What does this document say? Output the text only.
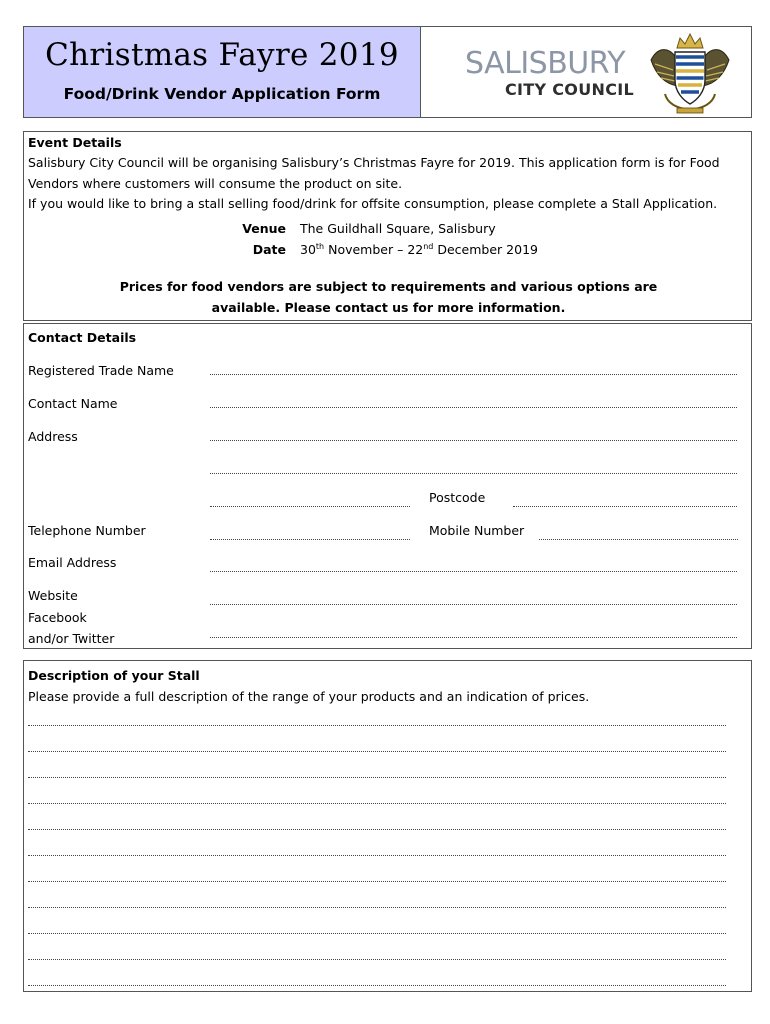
Christmas Fayre 2019
Food/Drink Vendor Application Form
SALISBURY
CITY COUNCIL
Event Details
Salisbury City Council will be organising Salisbury’s Christmas Fayre for 2019. This application form is for Food
Vendors where customers will consume the product on site.
If you would like to bring a stall selling food/drink for offsite consumption, please complete a Stall Application.
Venue The Guildhall Square, Salisbury
Date 30th November – 22nd December 2019
Prices for food vendors are subject to requirements and various options are
available. Please contact us for more information.
Contact Details
Registered Trade Name
Contact Name
Address
Postcode
Telephone Number	Mobile Number
Email Address
Website
Facebook
and/or Twitter
Description of your Stall
Please provide a full description of the range of your products and an indication of prices.
